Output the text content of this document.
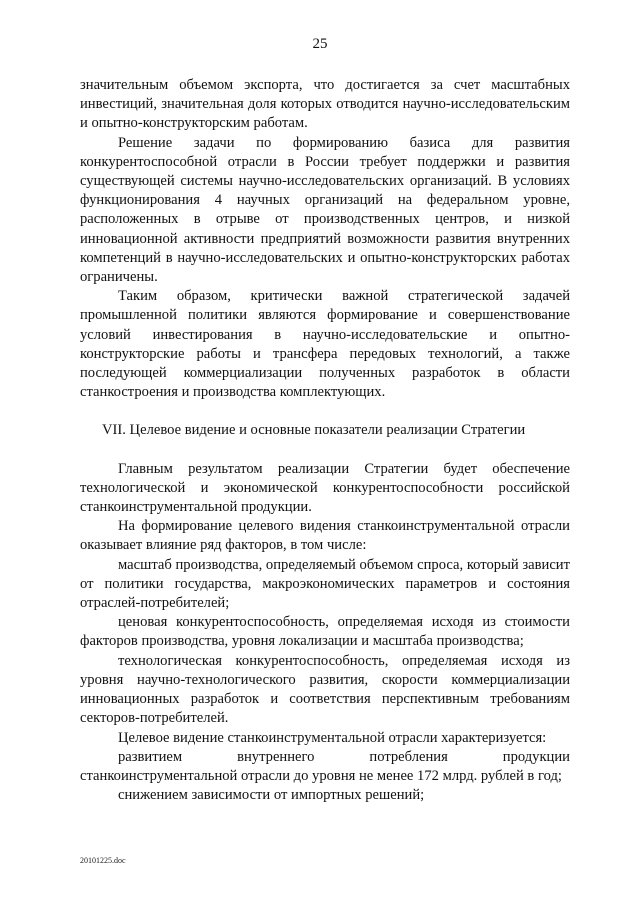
25

значительным объемом экспорта, что достигается за счет масштабных инвестиций, значительная доля которых отводится научно-исследовательским и опытно-конструкторским работам.

Решение задачи по формированию базиса для развития конкурентоспособной отрасли в России требует поддержки и развития существующей системы научно-исследовательских организаций. В условиях функционирования 4 научных организаций на федеральном уровне, расположенных в отрыве от производственных центров, и низкой инновационной активности предприятий возможности развития внутренних компетенций в научно-исследовательских и опытно-конструкторских работах ограничены.

Таким образом, критически важной стратегической задачей промышленной политики являются формирование и совершенствование условий инвестирования в научно-исследовательские и опытно-конструкторские работы и трансфера передовых технологий, а также последующей коммерциализации полученных разработок в области станкостроения и производства комплектующих.

VII. Целевое видение и основные показатели реализации Стратегии

Главным результатом реализации Стратегии будет обеспечение технологической и экономической конкурентоспособности российской станкоинструментальной продукции.

На формирование целевого видения станкоинструментальной отрасли оказывает влияние ряд факторов, в том числе:

масштаб производства, определяемый объемом спроса, который зависит от политики государства, макроэкономических параметров и состояния отраслей-потребителей;

ценовая конкурентоспособность, определяемая исходя из стоимости факторов производства, уровня локализации и масштаба производства;

технологическая конкурентоспособность, определяемая исходя из уровня научно-технологического развития, скорости коммерциализации инновационных разработок и соответствия перспективным требованиям секторов-потребителей.

Целевое видение станкоинструментальной отрасли характеризуется:

развитием внутреннего потребления продукции станкоинструментальной отрасли до уровня не менее 172 млрд. рублей в год;

снижением зависимости от импортных решений;

20101225.doc
